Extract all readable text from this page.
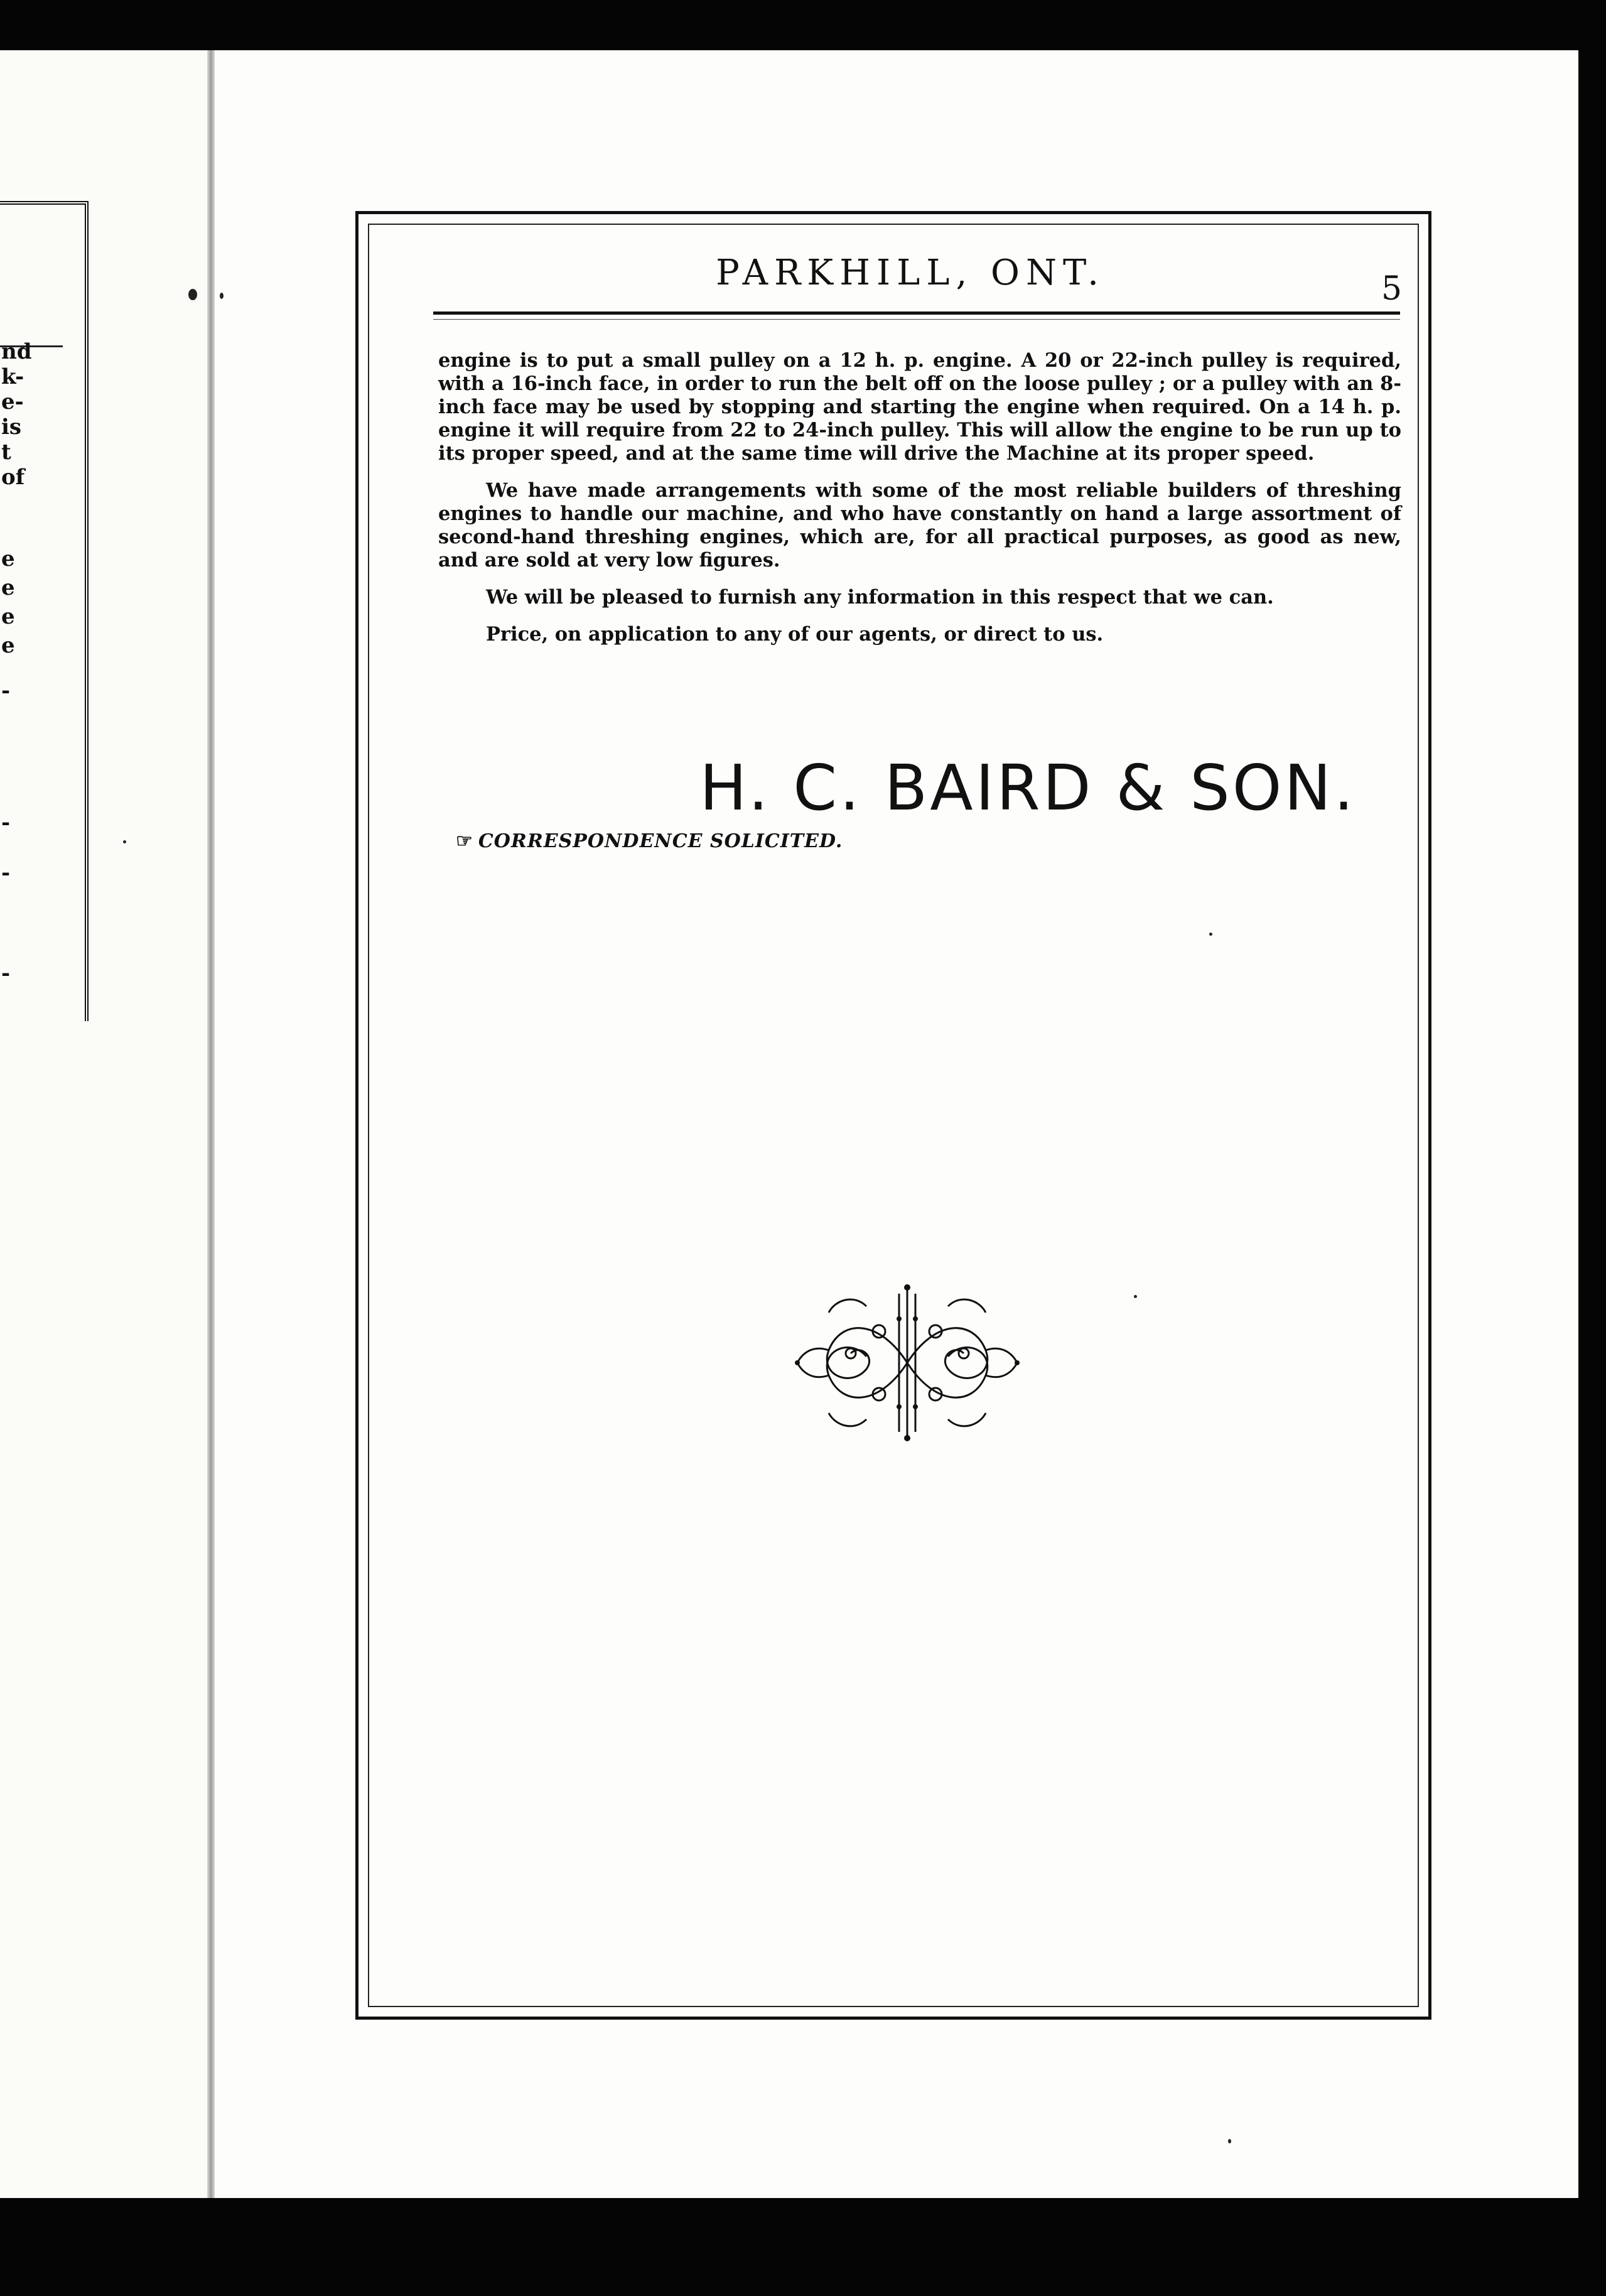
nd
k-
e-
is
t
of
e
e
e
e
-
-
-
-
PARKHILL, ONT.	5

engine is to put a small pulley on a 12 h. p. engine. A 20 or 22-inch pulley is required, with a 16-inch face, in order to run the belt off on the loose pulley ; or a pulley with an 8-inch face may be used by stopping and starting the engine when required. On a 14 h. p. engine it will require from 22 to 24-inch pulley. This will allow the engine to be run up to its proper speed, and at the same time will drive the Machine at its proper speed.

We have made arrangements with some of the most reliable builders of threshing engines to handle our machine, and who have constantly on hand a large assortment of second-hand threshing engines, which are, for all practical purposes, as good as new, and are sold at very low figures.

We will be pleased to furnish any information in this respect that we can.

Price, on application to any of our agents, or direct to us.

H. C. BAIRD & SON.
☞ CORRESPONDENCE SOLICITED.
